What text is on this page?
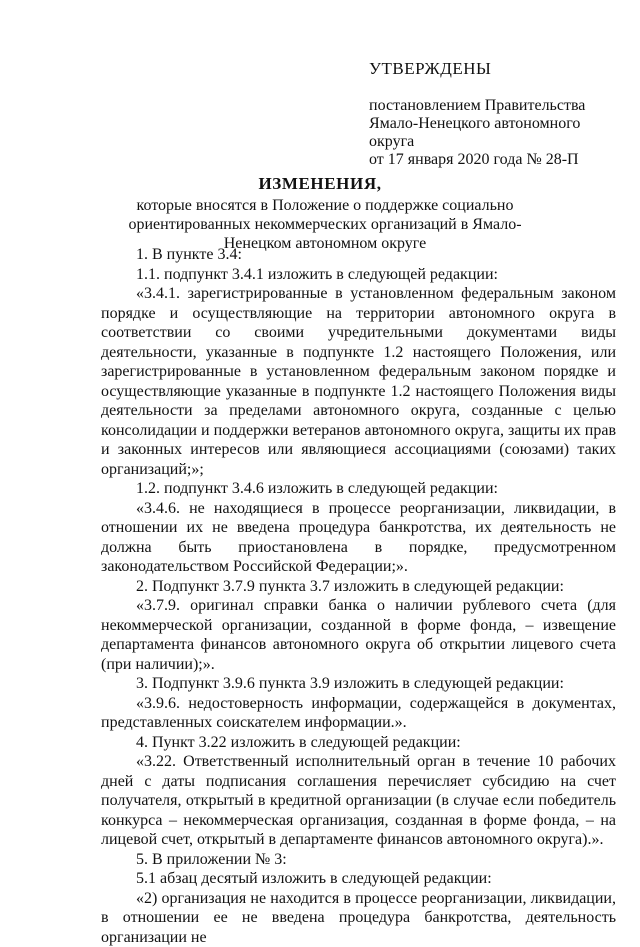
УТВЕРЖДЕНЫ
постановлением Правительства
Ямало-Ненецкого автономного округа
от 17 января 2020 года № 28-П
ИЗМЕНЕНИЯ,
которые вносятся в Положение о поддержке социально ориентированных некоммерческих организаций в Ямало-Ненецком автономном округе

1. В пункте 3.4:

1.1. подпункт 3.4.1 изложить в следующей редакции:

«3.4.1. зарегистрированные в установленном федеральным законом порядке и осуществляющие на территории автономного округа в соответствии со своими учредительными документами виды деятельности, указанные в подпункте 1.2 настоящего Положения, или зарегистрированные в установленном федеральным законом порядке и осуществляющие указанные в подпункте 1.2 настоящего Положения виды деятельности за пределами автономного округа, созданные с целью консолидации и поддержки ветеранов автономного округа, защиты их прав и законных интересов или являющиеся ассоциациями (союзами) таких организаций;»;

1.2. подпункт 3.4.6 изложить в следующей редакции:

«3.4.6. не находящиеся в процессе реорганизации, ликвидации, в отношении их не введена процедура банкротства, их деятельность не должна быть приостановлена в порядке, предусмотренном законодательством Российской Федерации;».

2. Подпункт 3.7.9 пункта 3.7 изложить в следующей редакции:

«3.7.9. оригинал справки банка о наличии рублевого счета (для некоммерческой организации, созданной в форме фонда, – извещение департамента финансов автономного округа об открытии лицевого счета (при наличии);».

3. Подпункт 3.9.6 пункта 3.9 изложить в следующей редакции:

«3.9.6. недостоверность информации, содержащейся в документах, представленных соискателем информации.».

4. Пункт 3.22 изложить в следующей редакции:

«3.22. Ответственный исполнительный орган в течение 10 рабочих дней с даты подписания соглашения перечисляет субсидию на счет получателя, открытый в кредитной организации (в случае если победитель конкурса – некоммерческая организация, созданная в форме фонда, – на лицевой счет, открытый в департаменте финансов автономного округа).».

5. В приложении № 3:

5.1 абзац десятый изложить в следующей редакции:

«2) организация не находится в процессе реорганизации, ликвидации, в отношении ее не введена процедура банкротства, деятельность организации не
